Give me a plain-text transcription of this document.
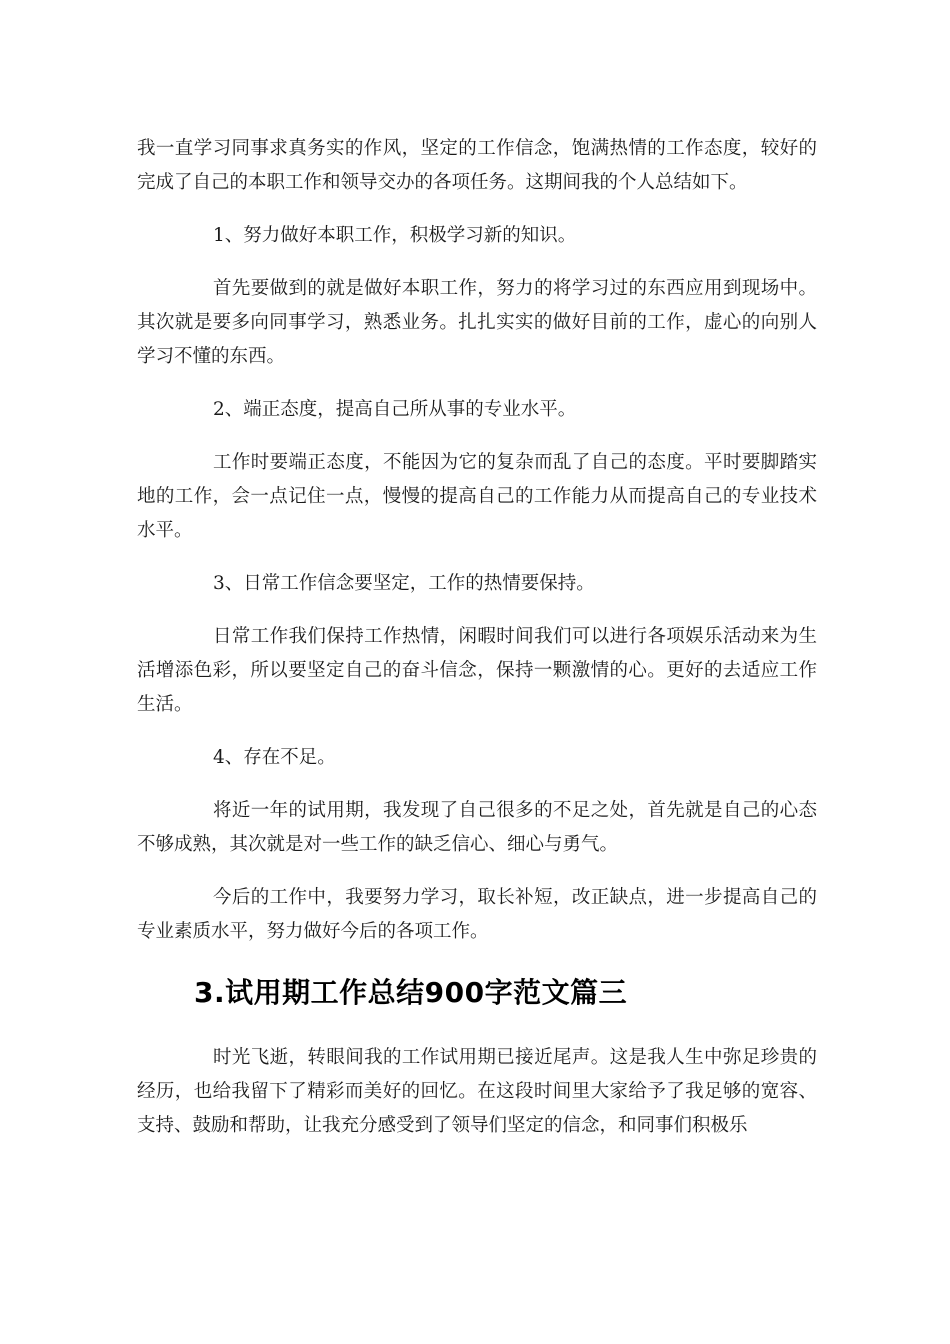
我一直学习同事求真务实的作风，坚定的工作信念，饱满热情的工作态度，较好的完成了自己的本职工作和领导交办的各项任务。这期间我的个人总结如下。

1、努力做好本职工作，积极学习新的知识。

首先要做到的就是做好本职工作，努力的将学习过的东西应用到现场中。其次就是要多向同事学习，熟悉业务。扎扎实实的做好目前的工作，虚心的向别人学习不懂的东西。

2、端正态度，提高自己所从事的专业水平。

工作时要端正态度，不能因为它的复杂而乱了自己的态度。平时要脚踏实地的工作，会一点记住一点，慢慢的提高自己的工作能力从而提高自己的专业技术水平。

3、日常工作信念要坚定，工作的热情要保持。

日常工作我们保持工作热情，闲暇时间我们可以进行各项娱乐活动来为生活增添色彩，所以要坚定自己的奋斗信念，保持一颗激情的心。更好的去适应工作生活。

4、存在不足。

将近一年的试用期，我发现了自己很多的不足之处，首先就是自己的心态不够成熟，其次就是对一些工作的缺乏信心、细心与勇气。

今后的工作中，我要努力学习，取长补短，改正缺点，进一步提高自己的专业素质水平，努力做好今后的各项工作。

3.试用期工作总结900字范文篇三

时光飞逝，转眼间我的工作试用期已接近尾声。这是我人生中弥足珍贵的经历，也给我留下了精彩而美好的回忆。在这段时间里大家给予了我足够的宽容、支持、鼓励和帮助，让我充分感受到了领导们坚定的信念，和同事们积极乐
